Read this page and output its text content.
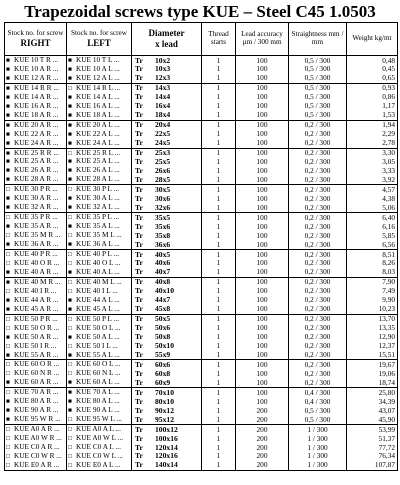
Trapezoidal screws type KUE – Steel C45 1.0503
Stock no. for screw
RIGHT	Stock no. for screw
LEFT	Diameter
x lead	Thread starts	Lead accuracy µm / 300 mm	Straightness mm / mm	Weight kg/mt
■ KUE 10 T R ...	■ KUE 10 T L ...	Tr 10x2	1	100	0,5 / 300	0,48
■ KUE 10 A R ...	■ KUE 10 A L ...	Tr 10x3	1	100	0,5 / 300	0,45
■ KUE 12 A R ...	■ KUE 12 A L ...	Tr 12x3	1	100	0,5 / 300	0,65
■ KUE 14 R R ...	□ KUE 14 R L ...	Tr 14x3	1	100	0,5 / 300	0,93
■ KUE 14 A R ...	■ KUE 14 A L ...	Tr 14x4	1	100	0,5 / 300	0,86
■ KUE 16 A R ...	■ KUE 16 A L ...	Tr 16x4	1	100	0,5 / 300	1,17
■ KUE 18 A R ...	■ KUE 18 A L ...	Tr 18x4	1	100	0,5 / 300	1,53
■ KUE 20 A R ...	■ KUE 20 A L ...	Tr 20x4	1	100	0,2 / 300	1,94
■ KUE 22 A R ...	■ KUE 22 A L ...	Tr 22x5	1	100	0,2 / 300	2,29
■ KUE 24 A R ...	■ KUE 24 A L ...	Tr 24x5	1	100	0,2 / 300	2,78
■ KUE 25 R R ...	□ KUE 25 R L ...	Tr 25x3	1	100	0,2 / 300	3,30
■ KUE 25 A R ...	■ KUE 25 A L ...	Tr 25x5	1	100	0,2 / 300	3,05
■ KUE 26 A R ...	■ KUE 26 A L ...	Tr 26x6	1	100	0,2 / 300	3,33
■ KUE 28 A R ...	■ KUE 28 A L ...	Tr 28x5	1	100	0,2 / 300	3,92
□ KUE 30 P R ...	□ KUE 30 P L ...	Tr 30x5	1	100	0,2 / 300	4,57
■ KUE 30 A R ...	■ KUE 30 A L ...	Tr 30x6	1	100	0,2 / 300	4,38
■ KUE 32 A R ...	■ KUE 32 A L ...	Tr 32x6	1	100	0,2 / 300	5,06
□ KUE 35 P R ...	□ KUE 35 P L ...	Tr 35x5	1	100	0,2 / 300	6,40
■ KUE 35 A R ...	■ KUE 35 A L ...	Tr 35x6	1	100	0,2 / 300	6,16
□ KUE 35 M R ...	□ KUE 35 M L ...	Tr 35x8	1	100	0,2 / 300	5,85
■ KUE 36 A R ...	■ KUE 36 A L ...	Tr 36x6	1	100	0,2 / 300	6,56
□ KUE 40 P R ...	□ KUE 40 P L ...	Tr 40x5	1	100	0,2 / 300	8,51
□ KUE 40 O R ...	□ KUE 40 O L ...	Tr 40x6	1	100	0,2 / 300	8,26
■ KUE 40 A R ...	■ KUE 40 A L ...	Tr 40x7	1	100	0,2 / 300	8,03
■ KUE 40 M R ...	□ KUE 40 M L ...	Tr 40x8	1	100	0,2 / 300	7,90
□ KUE 40 I R ...	□ KUE 40 I L ...	Tr 40x10	1	100	0,2 / 300	7,49
■ KUE 44 A R ...	■ KUE 44 A L ...	Tr 44x7	1	100	0,2 / 300	9,90
■ KUE 45 A R ...	■ KUE 45 A L ...	Tr 45x8	1	100	0,2 / 300	10,23
□ KUE 50 P R ...	□ KUE 50 P L ...	Tr 50x5	1	100	0,2 / 300	13,70
□ KUE 50 O R ...	□ KUE 50 O L ...	Tr 50x6	1	100	0,2 / 300	13,35
■ KUE 50 A R ...	■ KUE 50 A L ...	Tr 50x8	1	100	0,2 / 300	12,90
□ KUE 50 I R ...	□ KUE 50 I L ...	Tr 50x10	1	100	0,2 / 300	12,37
■ KUE 55 A R ...	■ KUE 55 A L ...	Tr 55x9	1	100	0,2 / 300	15,51
□ KUE 60 O R ...	□ KUE 60 O L ...	Tr 60x6	1	100	0,2 / 300	19,67
□ KUE 60 N R ...	□ KUE 60 N L ...	Tr 60x8	1	100	0,2 / 300	19,06
■ KUE 60 A R ...	■ KUE 60 A L ...	Tr 60x9	1	100	0,2 / 300	18,74
□ KUE 70 A R ...	■ KUE 70 A L ...	Tr 70x10	1	100	0,4 / 300	25,80
■ KUE 80 A R ...	■ KUE 80 A L ...	Tr 80x10	1	100	0,4 / 300	34,39
■ KUE 90 A R ...	■ KUE 90 A L ...	Tr 90x12	1	200	0,5 / 300	43,07
■ KUE 95 W R ...	□ KUE 95 W L ...	Tr 95x12	1	200	0,5 / 300	45,90
□ KUE A0 A R ...	□ KUE A0 A L ...	Tr 100x12	1	200	1 / 300	53,99
□ KUE A0 W R ...	□ KUE A0 W L ...	Tr 100x16	1	200	1 / 300	51,37
□ KUE C0 A R ...	□ KUE C0 A L ...	Tr 120x14	1	200	1 / 300	77,72
□ KUE C0 W R ...	□ KUE C0 W L ...	Tr 120x16	1	200	1 / 300	76,34
□ KUE E0 A R ...	□ KUE E0 A L ...	Tr 140x14	1	200	1 / 300	107,87
